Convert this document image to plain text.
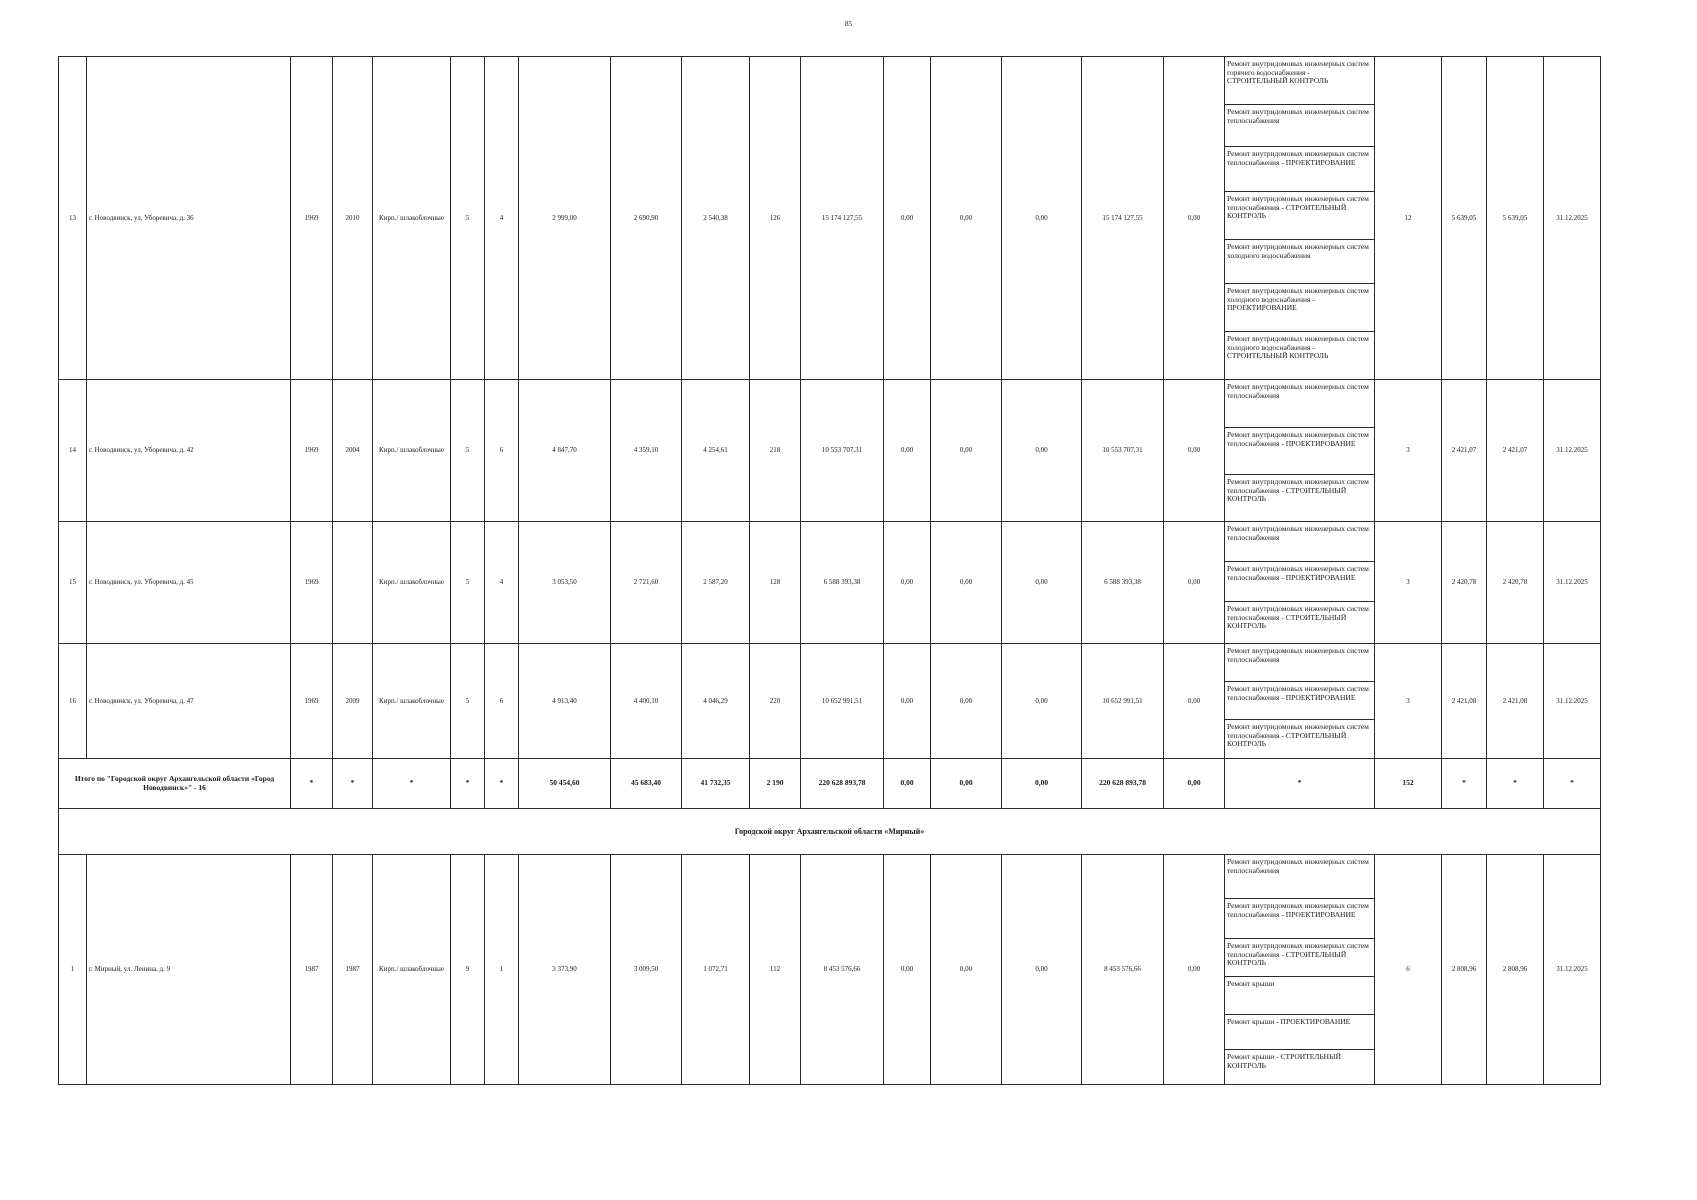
85
13	г. Новодвинск, ул. Уборевича, д. 36	1969	2010	Кирп./ шлакоблочные	5	4	2 999,00	2 690,90	2 540,38	126	15 174 127,55	0,00	0,00	0,00	15 174 127,55	0,00	Ремонт внутридомовых инженерных систем горячего водоснабжения - СТРОИТЕЛЬНЫЙ КОНТРОЛЬ	12	5 639,05	5 639,05	31.12.2025
																	Ремонт внутридомовых инженерных систем теплоснабжения				
																	Ремонт внутридомовых инженерных систем теплоснабжения - ПРОЕКТИРОВАНИЕ				
																	Ремонт внутридомовых инженерных систем теплоснабжения - СТРОИТЕЛЬНЫЙ КОНТРОЛЬ				
																	Ремонт внутридомовых инженерных систем холодного водоснабжения				
																	Ремонт внутридомовых инженерных систем холодного водоснабжения - ПРОЕКТИРОВАНИЕ				
																	Ремонт внутридомовых инженерных систем холодного водоснабжения - СТРОИТЕЛЬНЫЙ КОНТРОЛЬ				
14	г. Новодвинск, ул. Уборевича, д. 42	1969	2004	Кирп./ шлакоблочные	5	6	4 847,70	4 359,10	4 254,61	218	10 553 707,31	0,00	0,00	0,00	10 553 707,31	0,00	Ремонт внутридомовых инженерных систем теплоснабжения	3	2 421,07	2 421,07	31.12.2025
																	Ремонт внутридомовых инженерных систем теплоснабжения - ПРОЕКТИРОВАНИЕ				
																	Ремонт внутридомовых инженерных систем теплоснабжения - СТРОИТЕЛЬНЫЙ КОНТРОЛЬ				
15	г. Новодвинск, ул. Уборевича, д. 45	1969		Кирп./ шлакоблочные	5	4	3 053,50	2 721,60	2 587,20	128	6 588 393,38	0,00	0,00	0,00	6 588 393,38	0,00	Ремонт внутридомовых инженерных систем теплоснабжения	3	2 420,78	2 420,78	31.12.2025
																	Ремонт внутридомовых инженерных систем теплоснабжения - ПРОЕКТИРОВАНИЕ				
																	Ремонт внутридомовых инженерных систем теплоснабжения - СТРОИТЕЛЬНЫЙ КОНТРОЛЬ				
16	г. Новодвинск, ул. Уборевича, д. 47	1969	2009	Кирп./ шлакоблочные	5	6	4 913,40	4 400,10	4 046,29	220	10 652 991,51	0,00	0,00	0,00	10 652 991,51	0,00	Ремонт внутридомовых инженерных систем теплоснабжения	3	2 421,08	2 421,08	31.12.2025
																	Ремонт внутридомовых инженерных систем теплоснабжения - ПРОЕКТИРОВАНИЕ				
																	Ремонт внутридомовых инженерных систем теплоснабжения - СТРОИТЕЛЬНЫЙ КОНТРОЛЬ				
Итого по "Городской округ Архангельской области «Город Новодвинск»" - 16		*	*	*	*	*	50 454,60	45 683,40	41 732,35	2 190	220 628 893,78	0,00	0,00	0,00	220 628 893,78	0,00	*	152	*	*	*
Городской округ Архангельской области «Мирный»																					
1	г. Мирный, ул. Ленина, д. 9	1987	1987	Кирп./ шлакоблочные	9	1	3 373,90	3 009,50	1 072,71	112	8 453 576,66	0,00	0,00	0,00	8 453 576,66	0,00	Ремонт внутридомовых инженерных систем теплоснабжения	6	2 808,96	2 808,96	31.12.2025
																	Ремонт внутридомовых инженерных систем теплоснабжения - ПРОЕКТИРОВАНИЕ				
																	Ремонт внутридомовых инженерных систем теплоснабжения - СТРОИТЕЛЬНЫЙ КОНТРОЛЬ				
																	Ремонт крыши				
																	Ремонт крыши - ПРОЕКТИРОВАНИЕ				
																	Ремонт крыши - СТРОИТЕЛЬНЫЙ КОНТРОЛЬ				
